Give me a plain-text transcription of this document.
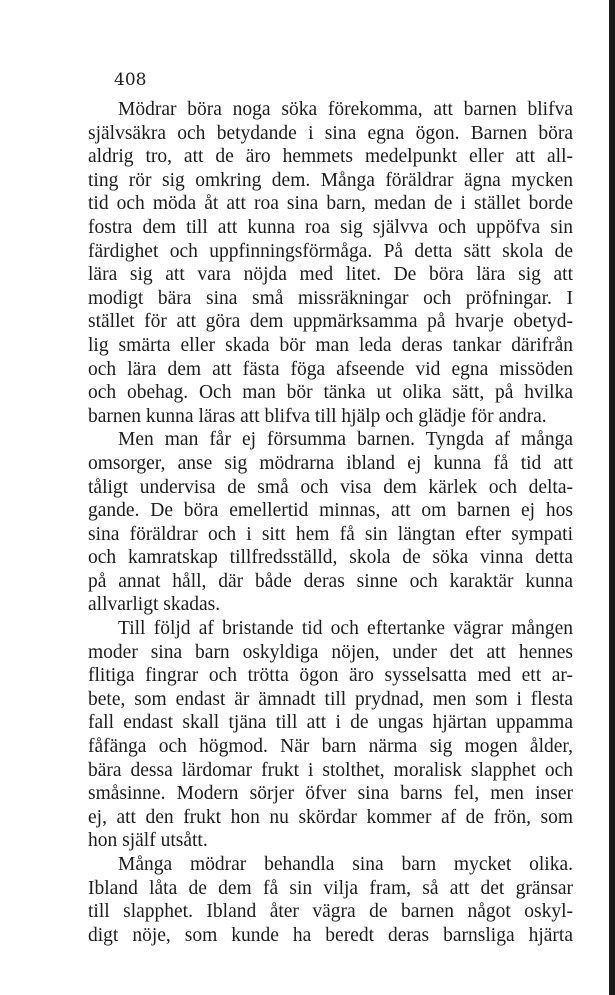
408
Mödrar böra noga söka förekomma, att barnen blifva
självsäkra och betydande i sina egna ögon. Barnen böra
aldrig tro, att de äro hemmets medelpunkt eller att all-
ting rör sig omkring dem. Många föräldrar ägna mycken
tid och möda åt att roa sina barn, medan de i stället borde
fostra dem till att kunna roa sig självva och uppöfva sin
färdighet och uppfinningsförmåga. På detta sätt skola de
lära sig att vara nöjda med litet. De böra lära sig att
modigt bära sina små missräkningar och pröfningar. I
stället för att göra dem uppmärksamma på hvarje obetyd-
lig smärta eller skada bör man leda deras tankar därifrån
och lära dem att fästa föga afseende vid egna missöden
och obehag. Och man bör tänka ut olika sätt, på hvilka
barnen kunna läras att blifva till hjälp och glädje för andra.
Men man får ej försumma barnen. Tyngda af många
omsorger, anse sig mödrarna ibland ej kunna få tid att
tåligt undervisa de små och visa dem kärlek och delta-
gande. De böra emellertid minnas, att om barnen ej hos
sina föräldrar och i sitt hem få sin längtan efter sympati
och kamratskap tillfredsställd, skola de söka vinna detta
på annat håll, där både deras sinne och karaktär kunna
allvarligt skadas.
Till följd af bristande tid och eftertanke vägrar mången
moder sina barn oskyldiga nöjen, under det att hennes
flitiga fingrar och trötta ögon äro sysselsatta med ett ar-
bete, som endast är ämnadt till prydnad, men som i flesta
fall endast skall tjäna till att i de ungas hjärtan uppamma
fåfänga och högmod. När barn närma sig mogen ålder,
bära dessa lärdomar frukt i stolthet, moralisk slapphet och
småsinne. Modern sörjer öfver sina barns fel, men inser
ej, att den frukt hon nu skördar kommer af de frön, som
hon själf utsått.
Många mödrar behandla sina barn mycket olika.
Ibland låta de dem få sin vilja fram, så att det gränsar
till slapphet. Ibland åter vägra de barnen något oskyl-
digt nöje, som kunde ha beredt deras barnsliga hjärta
